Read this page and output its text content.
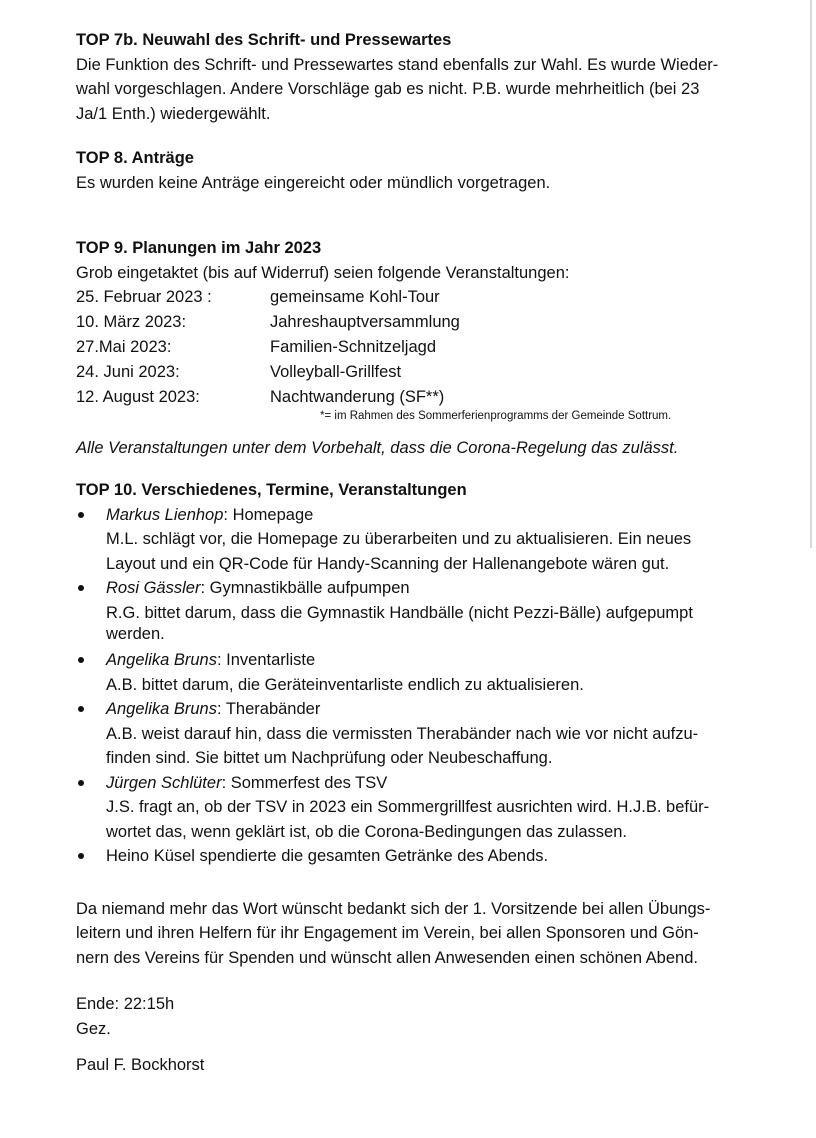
TOP 7b. Neuwahl des Schrift- und Pressewartes

Die Funktion des Schrift- und Pressewartes stand ebenfalls zur Wahl. Es wurde Wieder-

wahl vorgeschlagen. Andere Vorschläge gab es nicht. P.B. wurde mehrheitlich (bei 23

Ja/1 Enth.) wiedergewählt.

TOP 8. Anträge

Es wurden keine Anträge eingereicht oder mündlich vorgetragen.

TOP 9. Planungen im Jahr 2023

Grob eingetaktet (bis auf Widerruf) seien folgende Veranstaltungen:

25. Februar 2023 :	gemeinsame Kohl-Tour
10. März 2023:	Jahreshauptversammlung
27.Mai 2023:	Familien-Schnitzeljagd
24. Juni 2023:	Volleyball-Grillfest
12. August 2023:	Nachtwanderung (SF**)

*= im Rahmen des Sommerferienprogramms der Gemeinde Sottrum.

Alle Veranstaltungen unter dem Vorbehalt, dass die Corona-Regelung das zulässt.

TOP 10. Verschiedenes, Termine, Veranstaltungen

Markus Lienhop: Homepage

M.L. schlägt vor, die Homepage zu überarbeiten und zu aktualisieren. Ein neues

Layout und ein QR-Code für Handy-Scanning der Hallenangebote wären gut.

Rosi Gässler: Gymnastikbälle aufpumpen

R.G. bittet darum, dass die Gymnastik Handbälle (nicht Pezzi-Bälle) aufgepumpt

werden.

Angelika Bruns: Inventarliste

A.B. bittet darum, die Geräteinventarliste endlich zu aktualisieren.

Angelika Bruns: Therabänder

A.B. weist darauf hin, dass die vermissten Therabänder nach wie vor nicht aufzu-

finden sind. Sie bittet um Nachprüfung oder Neubeschaffung.

Jürgen Schlüter: Sommerfest des TSV

J.S. fragt an, ob der TSV in 2023 ein Sommergrillfest ausrichten wird. H.J.B. befür-

wortet das, wenn geklärt ist, ob die Corona-Bedingungen das zulassen.

Heino Küsel spendierte die gesamten Getränke des Abends.

Da niemand mehr das Wort wünscht bedankt sich der 1. Vorsitzende bei allen Übungs-

leitern und ihren Helfern für ihr Engagement im Verein, bei allen Sponsoren und Gön-

nern des Vereins für Spenden und wünscht allen Anwesenden einen schönen Abend.

Ende: 22:15h

Gez.

Paul F. Bockhorst
